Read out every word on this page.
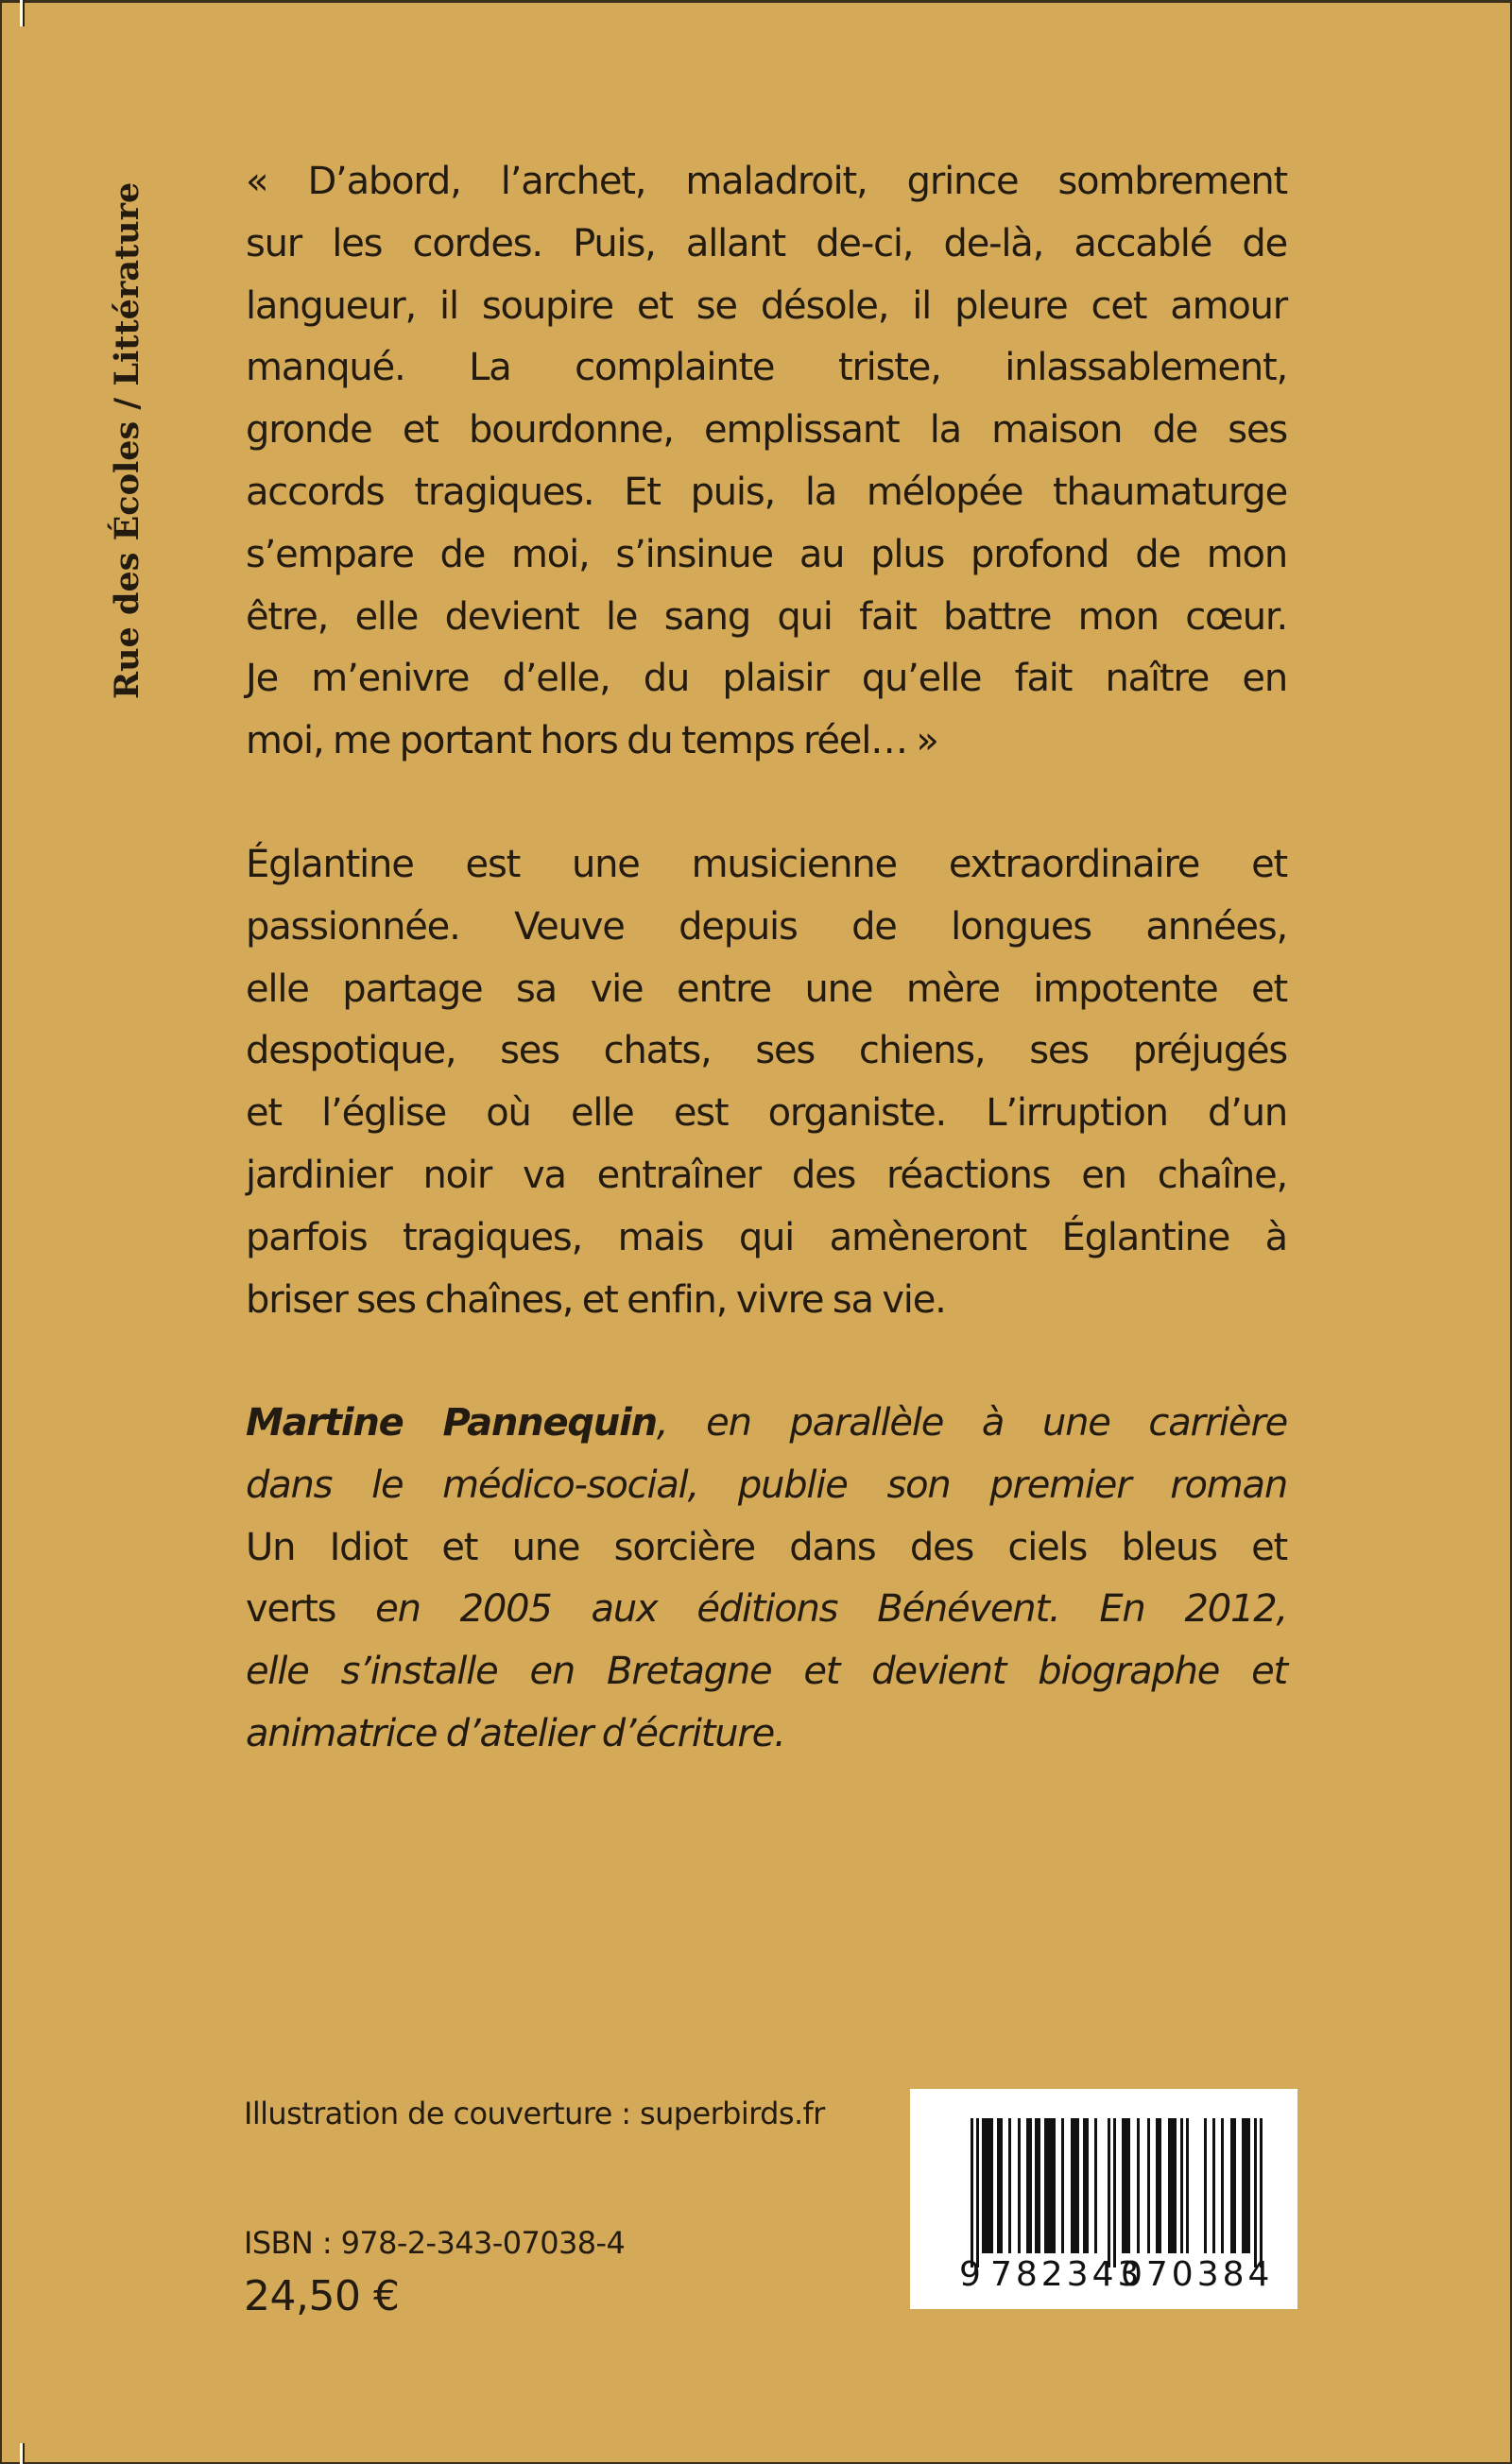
Rue des Écoles / Littérature
« D’abord, l’archet, maladroit, grince sombrement
sur les cordes. Puis, allant de-ci, de-là, accablé de
langueur, il soupire et se désole, il pleure cet amour
manqué. La complainte triste, inlassablement,
gronde et bourdonne, emplissant la maison de ses
accords tragiques. Et puis, la mélopée thaumaturge
s’empare de moi, s’insinue au plus profond de mon
être, elle devient le sang qui fait battre mon cœur.
Je m’enivre d’elle, du plaisir qu’elle fait naître en
moi, me portant hors du temps réel… »
Églantine est une musicienne extraordinaire et
passionnée. Veuve depuis de longues années,
elle partage sa vie entre une mère impotente et
despotique, ses chats, ses chiens, ses préjugés
et l’église où elle est organiste. L’irruption d’un
jardinier noir va entraîner des réactions en chaîne,
parfois tragiques, mais qui amèneront Églantine à
briser ses chaînes, et enfin, vivre sa vie.
Martine Pannequin, en parallèle à une carrière
dans le médico-social, publie son premier roman
Un Idiot et une sorcière dans des ciels bleus et
verts en 2005 aux éditions Bénévent. En 2012,
elle s’installe en Bretagne et devient biographe et
animatrice d’atelier d’écriture.
Illustration de couverture : superbirds.fr
ISBN : 978-2-343-07038-4
24,50 €	9 782343
070384
